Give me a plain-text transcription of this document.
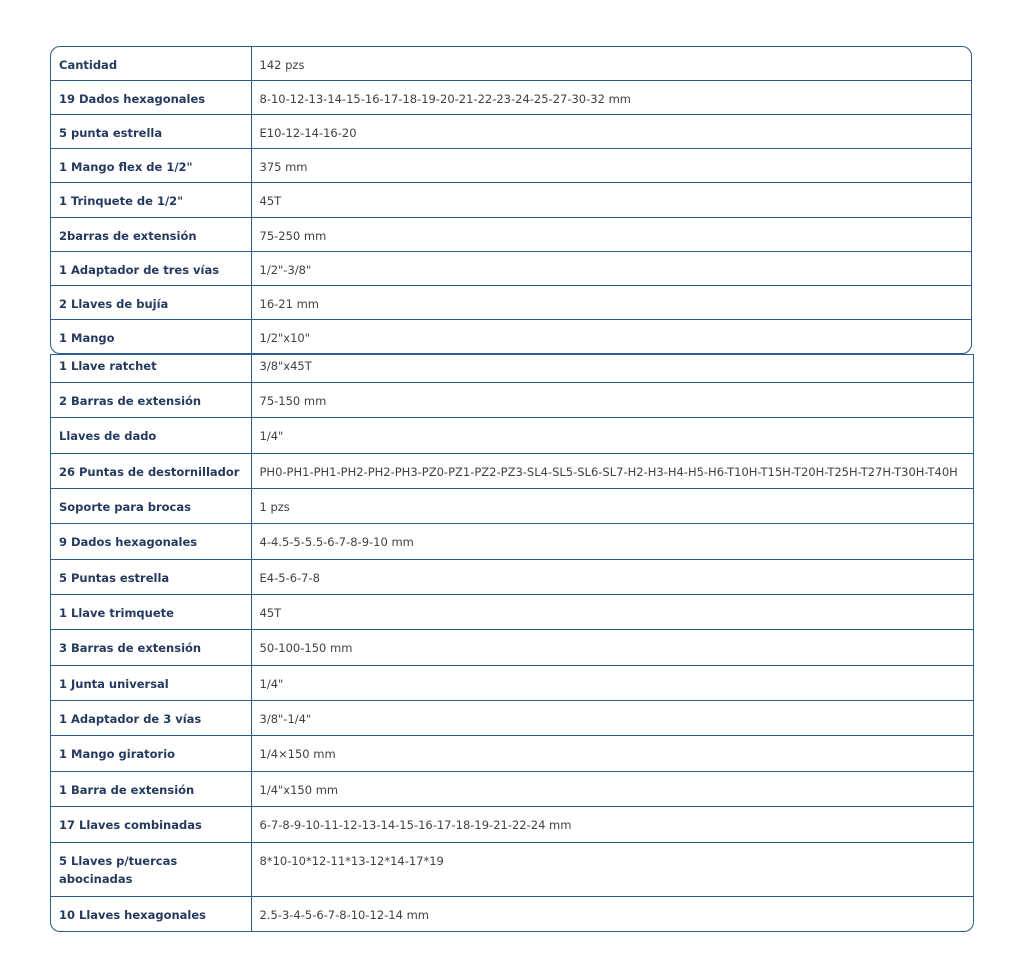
Cantidad	142 pzs
19 Dados hexagonales	8-10-12-13-14-15-16-17-18-19-20-21-22-23-24-25-27-30-32 mm
5 punta estrella	E10-12-14-16-20
1 Mango flex de 1/2"	375 mm
1 Trinquete de 1/2"	45T
2barras de extensión	75-250 mm
1 Adaptador de tres vías	1/2"-3/8"
2 Llaves de bujía	16-21 mm
1 Mango	1/2"x10"
1 Llave ratchet	3/8"x45T
2 Barras de extensión	75-150 mm
Llaves de dado	1/4"
26 Puntas de destornillador	PH0-PH1-PH1-PH2-PH2-PH3-PZ0-PZ1-PZ2-PZ3-SL4-SL5-SL6-SL7-H2-H3-H4-H5-H6-T10H-T15H-T20H-T25H-T27H-T30H-T40H
Soporte para brocas	1 pzs
9 Dados hexagonales	4-4.5-5-5.5-6-7-8-9-10 mm
5 Puntas estrella	E4-5-6-7-8
1 Llave trimquete	45T
3 Barras de extensión	50-100-150 mm
1 Junta universal	1/4"
1 Adaptador de 3 vías	3/8"-1/4"
1 Mango giratorio	1/4×150 mm
1 Barra de extensión	1/4"x150 mm
17 Llaves combinadas	6-7-8-9-10-11-12-13-14-15-16-17-18-19-21-22-24 mm
5 Llaves p/tuercas abocinadas	8*10-10*12-11*13-12*14-17*19
10 Llaves hexagonales	2.5-3-4-5-6-7-8-10-12-14 mm
